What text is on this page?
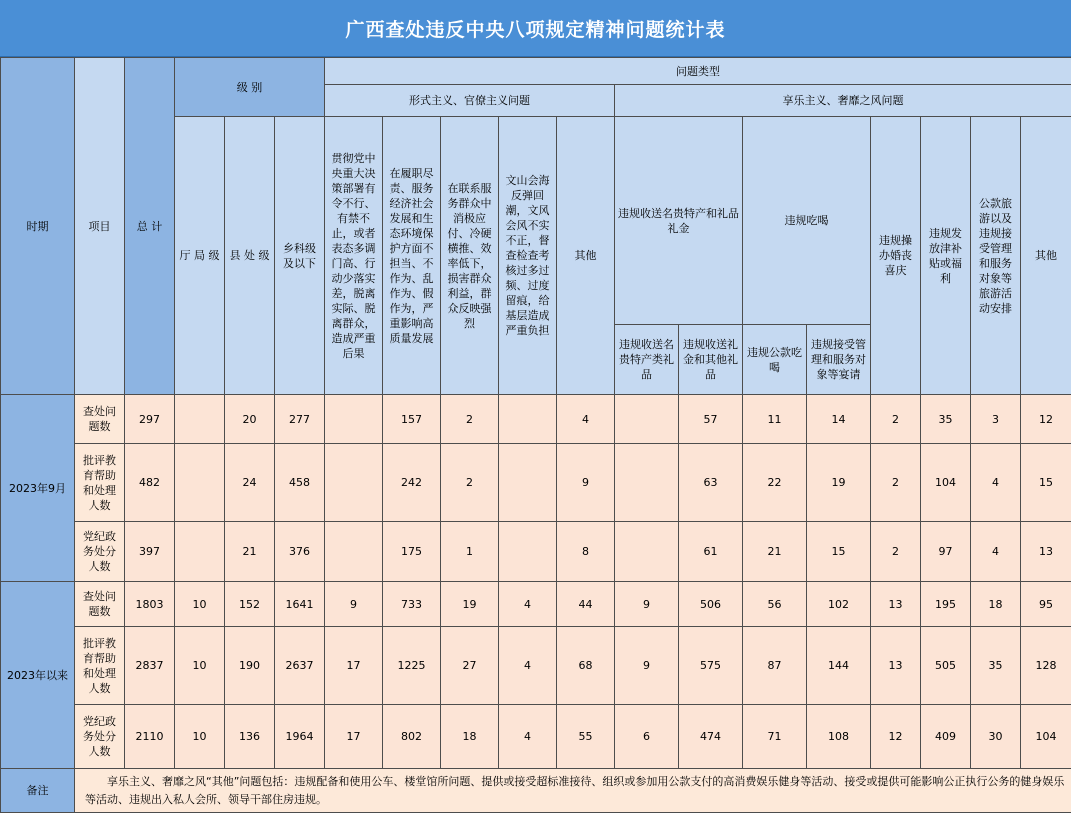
广西查处违反中央八项规定精神问题统计表
时期	项目	总 计	级 别			问题类型												
						形式主义、官僚主义问题					享乐主义、奢靡之风问题							
			厅 局 级	县 处 级	乡科级及以下	贯彻党中央重大决策部署有令不行、有禁不止，或者表态多调门高、行动少落实差，脱离实际、脱离群众，造成严重后果	在履职尽责、服务经济社会发展和生态环境保护方面不担当、不作为、乱作为、假作为，严重影响高质量发展	在联系服务群众中消极应付、冷硬横推、效率低下，损害群众利益，群众反映强烈	文山会海反弹回潮，文风会风不实不正，督查检查考核过多过频、过度留痕，给基层造成严重负担	其他	违规收送名贵特产和礼品礼金		违规吃喝		违规操办婚丧喜庆	违规发放津补贴或福利	公款旅游以及违规接受管理和服务对象等旅游活动安排	其他

											违规收送名贵特产类礼品	违规收送礼金和其他礼品	违规公款吃喝	违规接受管理和服务对象等宴请				
2023年9月	查处问题数	297		20	277		157	2		4		57	11	14	2	35	3	12
	批评教育帮助和处理人数	482		24	458		242	2		9		63	22	19	2	104	4	15
	党纪政务处分人数	397		21	376		175	1		8		61	21	15	2	97	4	13
2023年以来	查处问题数	1803	10	152	1641	9	733	19	4	44	9	506	56	102	13	195	18	95
	批评教育帮助和处理人数	2837	10	190	2637	17	1225	27	4	68	9	575	87	144	13	505	35	128
	党纪政务处分人数	2110	10	136	1964	17	802	18	4	55	6	474	71	108	12	409	30	104
备注	享乐主义、奢靡之风“其他”问题包括：违规配备和使用公车、楼堂馆所问题、提供或接受超标准接待、组织或参加用公款支付的高消费娱乐健身等活动、接受或提供可能影响公正执行公务的健身娱乐等活动、违规出入私人会所、领导干部住房违规。																	
